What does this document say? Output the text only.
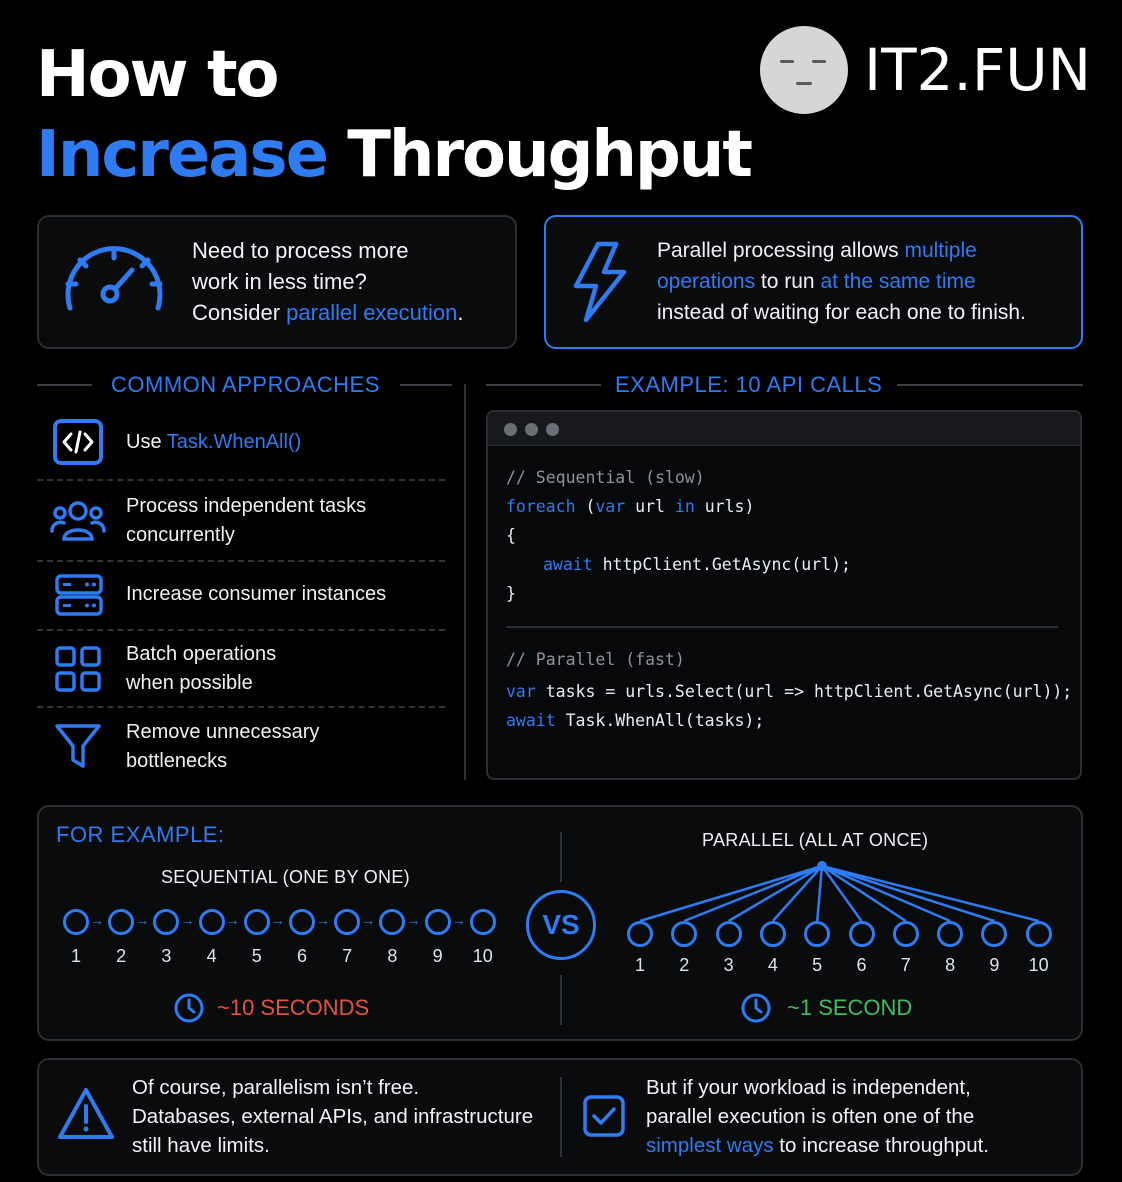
How to
Increase Throughput
IT2.FUN
Need to process more
work in less time?
Consider parallel execution.
Parallel processing allows multiple
operations to run at the same time
instead of waiting for each one to finish.
COMMON APPROACHES
Use Task.WhenAll()
Process independent tasks
concurrently
Increase consumer instances
Batch operations
when possible
Remove unnecessary
bottlenecks
EXAMPLE: 10 API CALLS
// Sequential (slow)
foreach (var url in urls)
{
await httpClient.GetAsync(url);
}
// Parallel (fast)
var tasks = urls.Select(url => httpClient.GetAsync(url));
await Task.WhenAll(tasks);
FOR EXAMPLE:
SEQUENTIAL (ONE BY ONE)
PARALLEL (ALL AT ONCE)
VS
1
→
2
→
3
→
4
→
5
→
6
→
7
→
8
→
9
→
10	1	2	3	4	5	6	7	8	9	10
~10 SECONDS	~1 SECOND
Of course, parallelism isn’t free.
Databases, external APIs, and infrastructure
still have limits.
But if your workload is independent,
parallel execution is often one of the
simplest ways to increase throughput.
